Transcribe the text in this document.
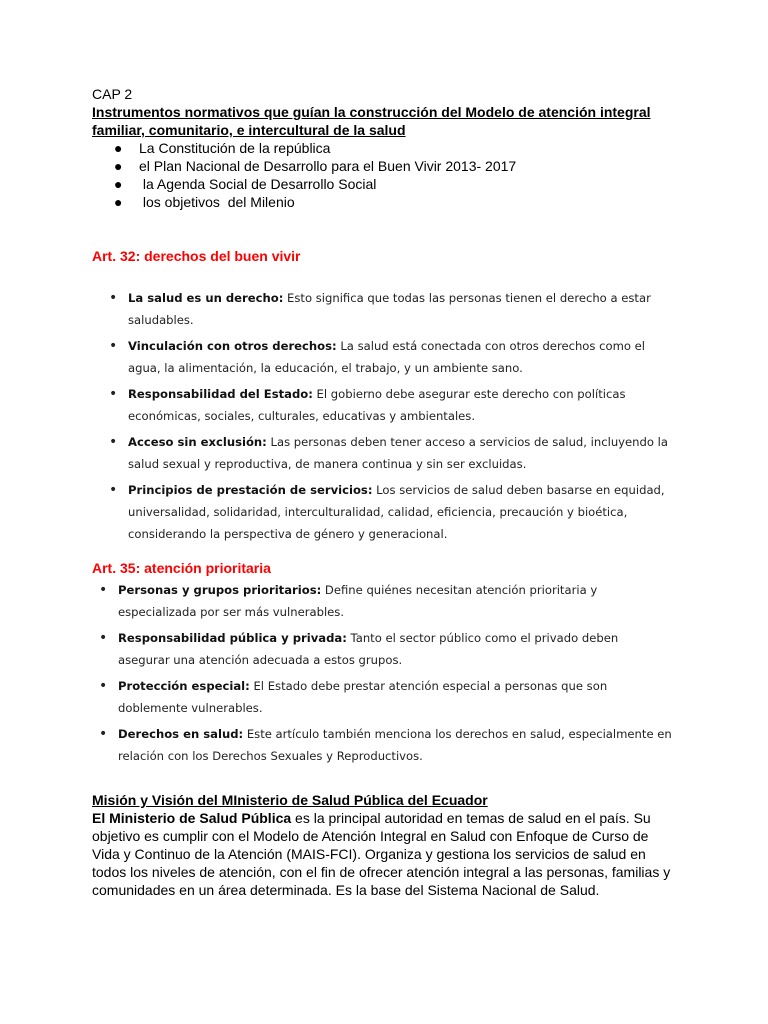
CAP 2
Instrumentos normativos que guían la construcción del Modelo de atención integral familiar, comunitario, e intercultural de la salud
● La Constitución de la república
● el Plan Nacional de Desarrollo para el Buen Vivir 2013- 2017
● la Agenda Social de Desarrollo Social
● los objetivos  del Milenio
Art. 32: derechos del buen vivir
• La salud es un derecho: Esto significa que todas las personas tienen el derecho a estar saludables.
• Vinculación con otros derechos: La salud está conectada con otros derechos como el agua, la alimentación, la educación, el trabajo, y un ambiente sano.
• Responsabilidad del Estado: El gobierno debe asegurar este derecho con políticas económicas, sociales, culturales, educativas y ambientales.
• Acceso sin exclusión: Las personas deben tener acceso a servicios de salud, incluyendo la salud sexual y reproductiva, de manera continua y sin ser excluidas.
• Principios de prestación de servicios: Los servicios de salud deben basarse en equidad, universalidad, solidaridad, interculturalidad, calidad, eficiencia, precaución y bioética, considerando la perspectiva de género y generacional.
Art. 35: atención prioritaria
• Personas y grupos prioritarios: Define quiénes necesitan atención prioritaria y especializada por ser más vulnerables.
• Responsabilidad pública y privada: Tanto el sector público como el privado deben asegurar una atención adecuada a estos grupos.
• Protección especial: El Estado debe prestar atención especial a personas que son doblemente vulnerables.
• Derechos en salud: Este artículo también menciona los derechos en salud, especialmente en relación con los Derechos Sexuales y Reproductivos.
Misión y Visión del MInisterio de Salud Pública del Ecuador
El Ministerio de Salud Pública es la principal autoridad en temas de salud en el país. Su objetivo es cumplir con el Modelo de Atención Integral en Salud con Enfoque de Curso de Vida y Continuo de la Atención (MAIS-FCI). Organiza y gestiona los servicios de salud en todos los niveles de atención, con el fin de ofrecer atención integral a las personas, familias y comunidades en un área determinada. Es la base del Sistema Nacional de Salud.
